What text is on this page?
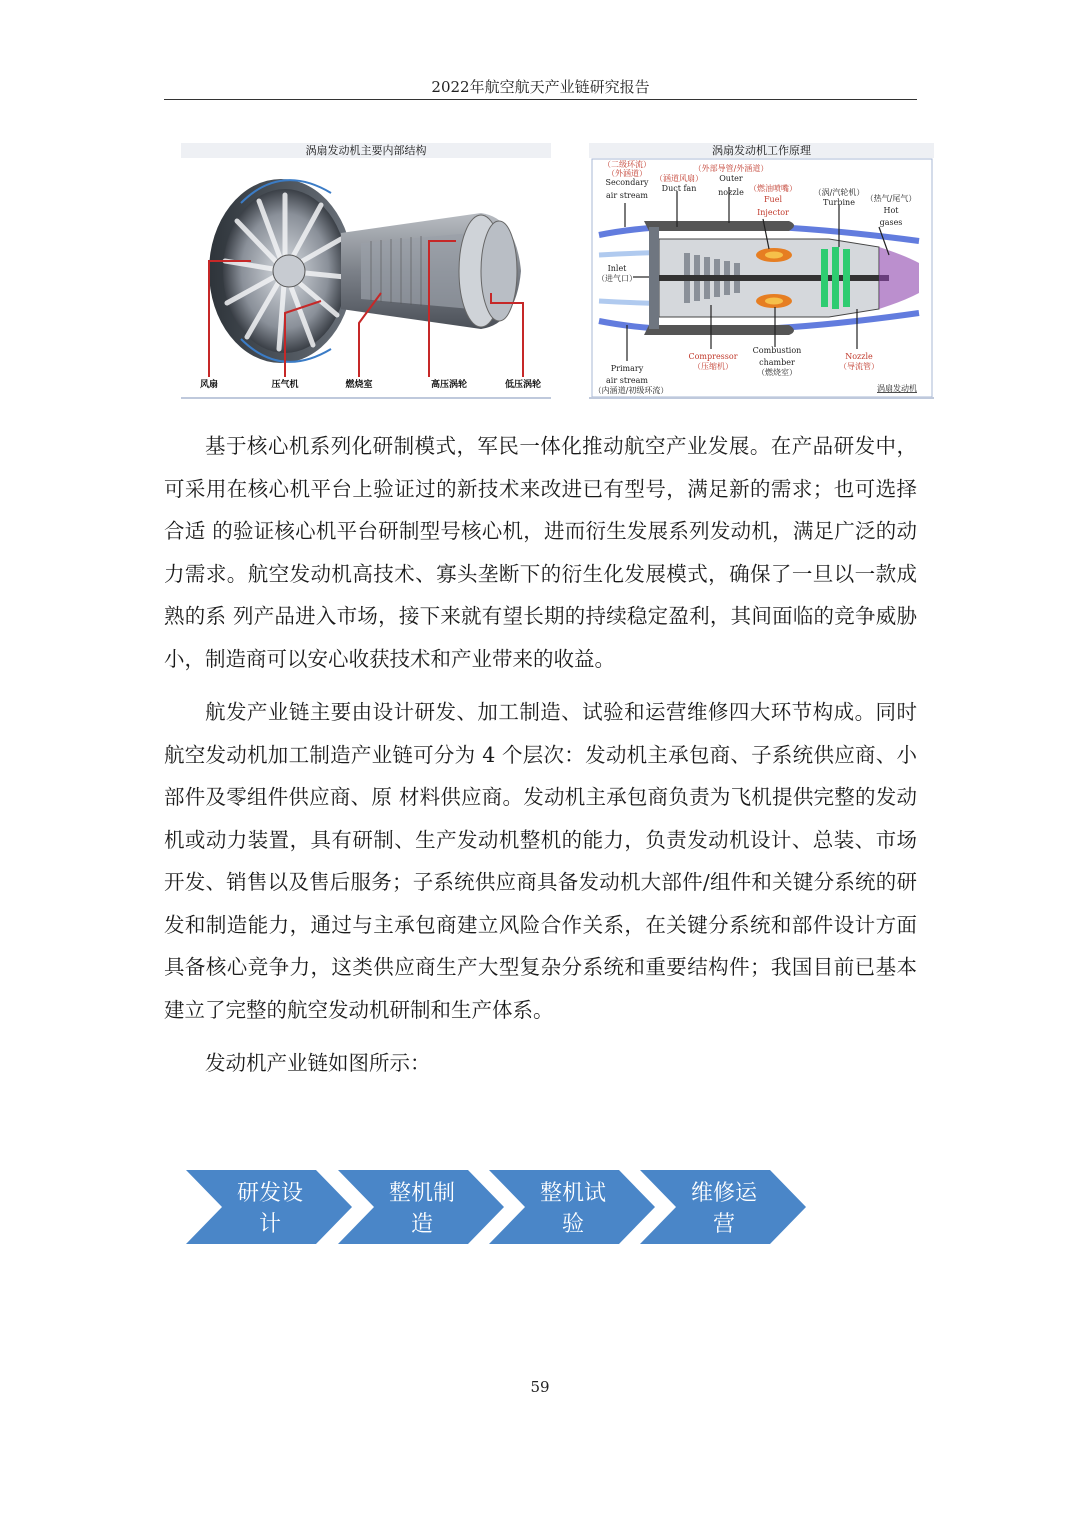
2022年航空航天产业链研究报告
涡扇发动机主要内部结构
风扇	压气机	燃烧室	高压涡轮	低压涡轮
涡扇发动机工作原理
（二级环流）
（外涵道）
Secondary
air stream
（涵道风扇）
Duct fan
（外部导管/外涵道）
Outer
nozzle （燃油喷嘴）
Fuel
Injector
（涡/汽轮机）
Turbine （热气/尾气）
Hot
gases
Inlet
（进气口）
Primary
air stream
（内涵道/初级环流）
Compressor
（压缩机）
Combustion
chamber
（燃烧室）
Nozzle
（导流管）
涡扇发动机

基于核心机系列化研制模式，军民一体化推动航空产业发展。在产品研发中，可采用在核心机平台上验证过的新技术来改进已有型号，满足新的需求；也可选择合适 的验证核心机平台研制型号核心机，进而衍生发展系列发动机，满足广泛的动力需求。航空发动机高技术、寡头垄断下的衍生化发展模式，确保了一旦以一款成熟的系 列产品进入市场，接下来就有望长期的持续稳定盈利，其间面临的竞争威胁小，制造商可以安心收获技术和产业带来的收益。

航发产业链主要由设计研发、加工制造、试验和运营维修四大环节构成。同时航空发动机加工制造产业链可分为 4 个层次：发动机主承包商、子系统供应商、小部件及零组件供应商、原 材料供应商。发动机主承包商负责为飞机提供完整的发动机或动力装置，具有研制、生产发动机整机的能力，负责发动机设计、总装、市场开发、销售以及售后服务；子系统供应商具备发动机大部件/组件和关键分系统的研发和制造能力，通过与主承包商建立风险合作关系，在关键分系统和部件设计方面具备核心竞争力，这类供应商生产大型复杂分系统和重要结构件；我国目前已基本建立了完整的航空发动机研制和生产体系。

发动机产业链如图所示：

研发设
计
整机制
造
整机试
验
维修运
营
59
